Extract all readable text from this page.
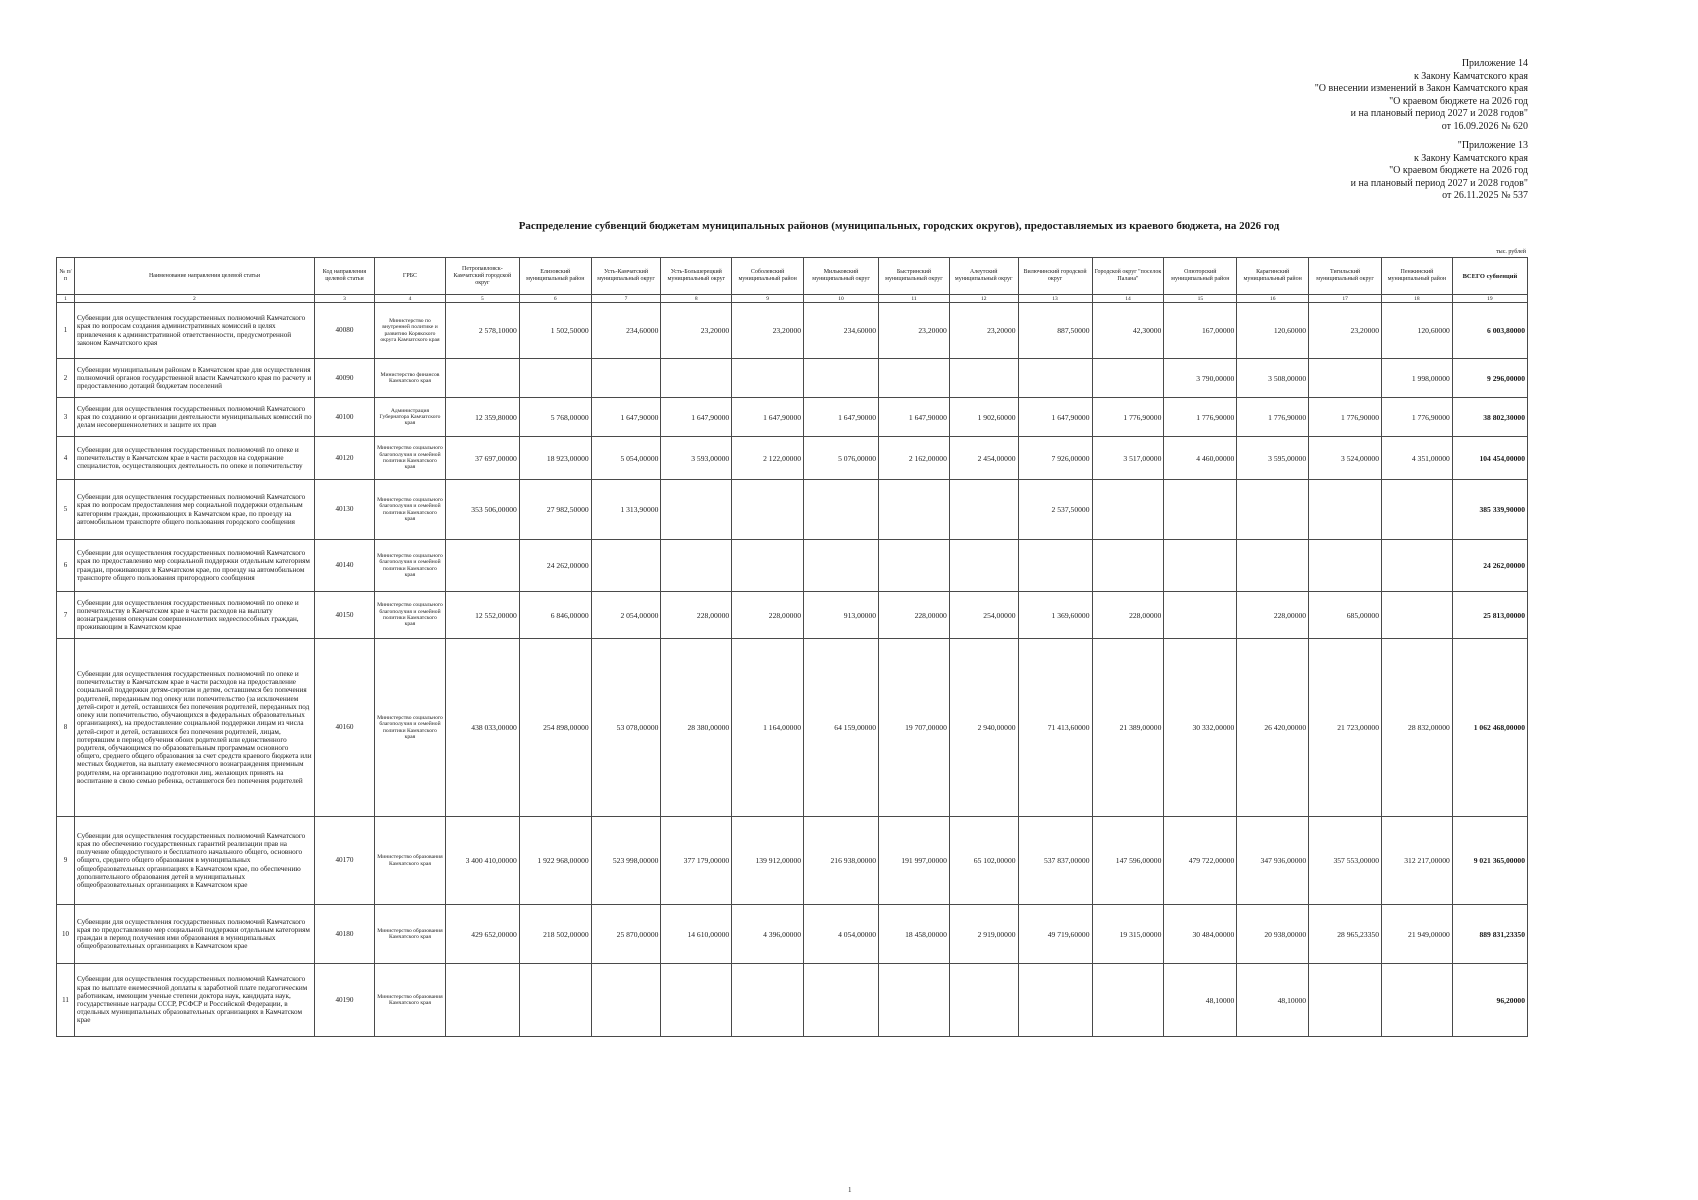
Приложение 14
к Закону Камчатского края
"О внесении изменений в Закон Камчатского края
"О краевом бюджете на 2026 год
и на плановый период 2027 и 2028 годов"
от 16.09.2026 № 620
"Приложение 13
к Закону Камчатского края
"О краевом бюджете на 2026 год
и на плановый период 2027 и 2028 годов"
от 26.11.2025 № 537
Распределение субвенций бюджетам муниципальных районов (муниципальных, городских округов), предоставляемых из краевого бюджета, на 2026 год
тыс. рублей
№ п/п	Наименование направления целевой статьи	Код направления целевой статьи	ГРБС	Петропавловск-Камчатский городской округ	Елизовский муниципальный район	Усть-Камчатский муниципальный округ	Усть-Большерецкий муниципальный округ	Соболевский муниципальный район	Мильковский муниципальный округ	Быстринский муниципальный округ	Алеутский муниципальный округ	Вилючинский городской округ	Городской округ "поселок Палана"	Олюторский муниципальный район	Карагинский муниципальный район	Тигильский муниципальный округ	Пенжинский муниципальный район	ВСЕГО субвенций
1	2	3	4	5	6	7	8	9	10	11	12	13	14	15	16	17	18	19
1	Субвенции для осуществления государственных полномочий Камчатского края по вопросам создания административных комиссий в целях привлечения к административной ответственности, предусмотренной законом Камчатского края	40080	Министерство по внутренней политике и развитию Корякского округа Камчатского края	2 578,10000	1 502,50000	234,60000	23,20000	23,20000	234,60000	23,20000	23,20000	887,50000	42,30000	167,00000	120,60000	23,20000	120,60000	6 003,80000
2	Субвенции муниципальным районам в Камчатском крае для осуществления полномочий органов государственной власти Камчатского края по расчету и предоставлению дотаций бюджетам поселений	40090	Министерство финансов Камчатского края											3 790,00000	3 508,00000		1 998,00000	9 296,00000
3	Субвенции для осуществления государственных полномочий Камчатского края по созданию и организации деятельности муниципальных комиссий по делам несовершеннолетних и защите их прав	40100	Администрация Губернатора Камчатского края	12 359,80000	5 768,00000	1 647,90000	1 647,90000	1 647,90000	1 647,90000	1 647,90000	1 902,60000	1 647,90000	1 776,90000	1 776,90000	1 776,90000	1 776,90000	1 776,90000	38 802,30000
4	Субвенции для осуществления государственных полномочий по опеке и попечительству в Камчатском крае в части расходов на содержание специалистов, осуществляющих деятельность по опеке и попечительству	40120	Министерство социального благополучия и семейной политики Камчатского края	37 697,00000	18 923,00000	5 054,00000	3 593,00000	2 122,00000	5 076,00000	2 162,00000	2 454,00000	7 926,00000	3 517,00000	4 460,00000	3 595,00000	3 524,00000	4 351,00000	104 454,00000
5	Субвенции для осуществления государственных полномочий Камчатского края по вопросам предоставления мер социальной поддержки отдельным категориям граждан, проживающих в Камчатском крае, по проезду на автомобильном транспорте общего пользования городского сообщения	40130	Министерство социального благополучия и семейной политики Камчатского края	353 506,00000	27 982,50000	1 313,90000						2 537,50000						385 339,90000
6	Субвенции для осуществления государственных полномочий Камчатского края по предоставлению мер социальной поддержки отдельным категориям граждан, проживающих в Камчатском крае, по проезду на автомобильном транспорте общего пользования пригородного сообщения	40140	Министерство социального благополучия и семейной политики Камчатского края		24 262,00000													24 262,00000
7	Субвенции для осуществления государственных полномочий по опеке и попечительству в Камчатском крае в части расходов на выплату вознаграждения опекунам совершеннолетних недееспособных граждан, проживающим в Камчатском крае	40150	Министерство социального благополучия и семейной политики Камчатского края	12 552,00000	6 846,00000	2 054,00000	228,00000	228,00000	913,00000	228,00000	254,00000	1 369,60000	228,00000		228,00000	685,00000		25 813,00000
8	Субвенции для осуществления государственных полномочий по опеке и попечительству в Камчатском крае в части расходов на предоставление социальной поддержки детям-сиротам и детям, оставшимся без попечения родителей, переданным под опеку или попечительство (за исключением детей-сирот и детей, оставшихся без попечения родителей, переданных под опеку или попечительство, обучающихся в федеральных образовательных организациях), на предоставление социальной поддержки лицам из числа детей-сирот и детей, оставшихся без попечения родителей, лицам, потерявшим в период обучения обоих родителей или единственного родителя, обучающимся по образовательным программам основного общего, среднего общего образования за счет средств краевого бюджета или местных бюджетов, на выплату ежемесячного вознаграждения приемным родителям, на организацию подготовки лиц, желающих принять на воспитание в свою семью ребенка, оставшегося без попечения родителей	40160	Министерство социального благополучия и семейной политики Камчатского края	438 033,00000	254 898,00000	53 078,00000	28 380,00000	1 164,00000	64 159,00000	19 707,00000	2 940,00000	71 413,60000	21 389,00000	30 332,00000	26 420,00000	21 723,00000	28 832,00000	1 062 468,00000
9	Субвенции для осуществления государственных полномочий Камчатского края по обеспечению государственных гарантий реализации прав на получение общедоступного и бесплатного начального общего, основного общего, среднего общего образования в муниципальных общеобразовательных организациях в Камчатском крае, по обеспечению дополнительного образования детей в муниципальных общеобразовательных организациях в Камчатском крае	40170	Министерство образования Камчатского края	3 400 410,00000	1 922 968,00000	523 998,00000	377 179,00000	139 912,00000	216 938,00000	191 997,00000	65 102,00000	537 837,00000	147 596,00000	479 722,00000	347 936,00000	357 553,00000	312 217,00000	9 021 365,00000
10	Субвенции для осуществления государственных полномочий Камчатского края по предоставлению мер социальной поддержки отдельным категориям граждан в период получения ими образования в муниципальных общеобразовательных организациях в Камчатском крае	40180	Министерство образования Камчатского края	429 652,00000	218 502,00000	25 870,00000	14 610,00000	4 396,00000	4 054,00000	18 458,00000	2 919,00000	49 719,60000	19 315,00000	30 484,00000	20 938,00000	28 965,23350	21 949,00000	889 831,23350
11	Субвенции для осуществления государственных полномочий Камчатского края по выплате ежемесячной доплаты к заработной плате педагогическим работникам, имеющим ученые степени доктора наук, кандидата наук, государственные награды СССР, РСФСР и Российской Федерации, в отдельных муниципальных образовательных организациях в Камчатском крае	40190	Министерство образования Камчатского края											48,10000	48,10000			96,20000
1
